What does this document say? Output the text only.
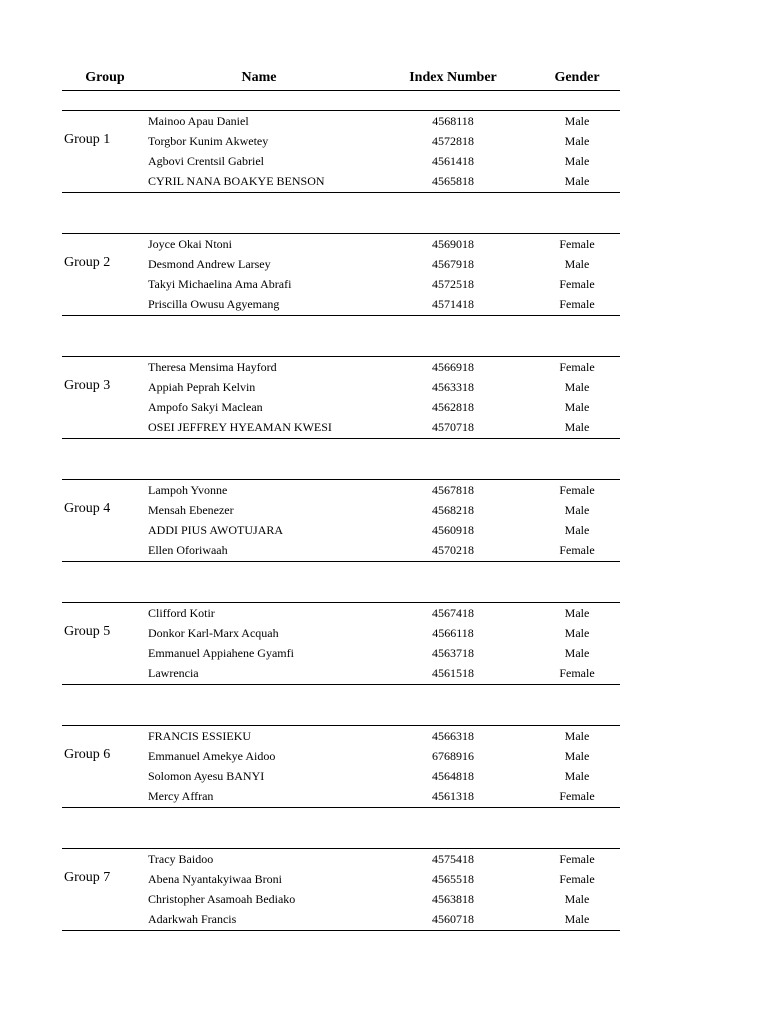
Group	Name	Index Number	Gender
Group 1
Mainoo Apau Daniel	4568118	Male
Torgbor Kunim Akwetey	4572818	Male
Agbovi Crentsil Gabriel	4561418	Male
CYRIL NANA BOAKYE BENSON	4565818	Male
Group 2
Joyce Okai Ntoni	4569018	Female
Desmond Andrew Larsey	4567918	Male
Takyi Michaelina Ama Abrafi	4572518	Female
Priscilla Owusu Agyemang	4571418	Female
Group 3
Theresa Mensima Hayford	4566918	Female
Appiah Peprah Kelvin	4563318	Male
Ampofo Sakyi Maclean	4562818	Male
OSEI JEFFREY HYEAMAN KWESI	4570718	Male
Group 4
Lampoh Yvonne	4567818	Female
Mensah Ebenezer	4568218	Male
ADDI PIUS AWOTUJARA	4560918	Male
Ellen Oforiwaah	4570218	Female
Group 5
Clifford Kotir	4567418	Male
Donkor Karl-Marx Acquah	4566118	Male
Emmanuel Appiahene Gyamfi	4563718	Male
Lawrencia	4561518	Female
Group 6
FRANCIS ESSIEKU	4566318	Male
Emmanuel Amekye Aidoo	6768916	Male
Solomon Ayesu BANYI	4564818	Male
Mercy Affran	4561318	Female
Group 7
Tracy Baidoo	4575418	Female
Abena Nyantakyiwaa Broni	4565518	Female
Christopher Asamoah Bediako	4563818	Male
Adarkwah Francis	4560718	Male
